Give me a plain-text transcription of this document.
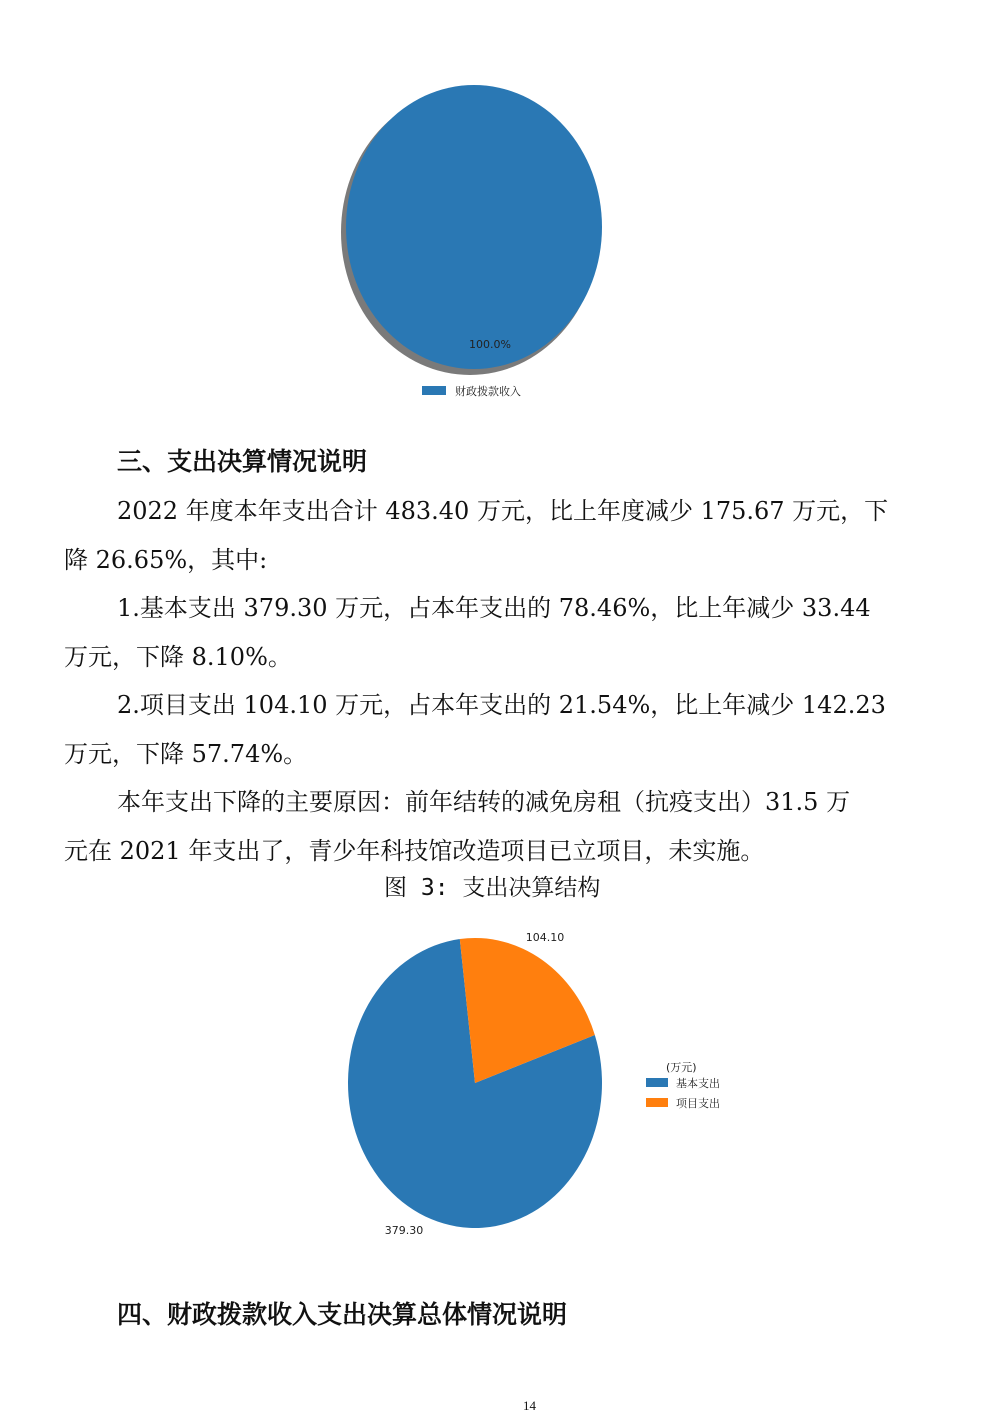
100.0%
财政拨款收入
三、支出决算情况说明
2022 年度本年支出合计 483.40 万元，比上年度减少 175.67 万元，下
降 26.65%，其中:
1.基本支出 379.30 万元，占本年支出的 78.46%，比上年减少 33.44
万元，下降 8.10%。
2.项目支出 104.10 万元，占本年支出的 21.54%，比上年减少 142.23
万元，下降 57.74%。
本年支出下降的主要原因：前年结转的减免房租（抗疫支出）31.5 万
元在 2021 年支出了，青少年科技馆改造项目已立项目，未实施。
图 3: 支出决算结构
379.30
104.10
(万元)
基本支出
项目支出
四、财政拨款收入支出决算总体情况说明
14
